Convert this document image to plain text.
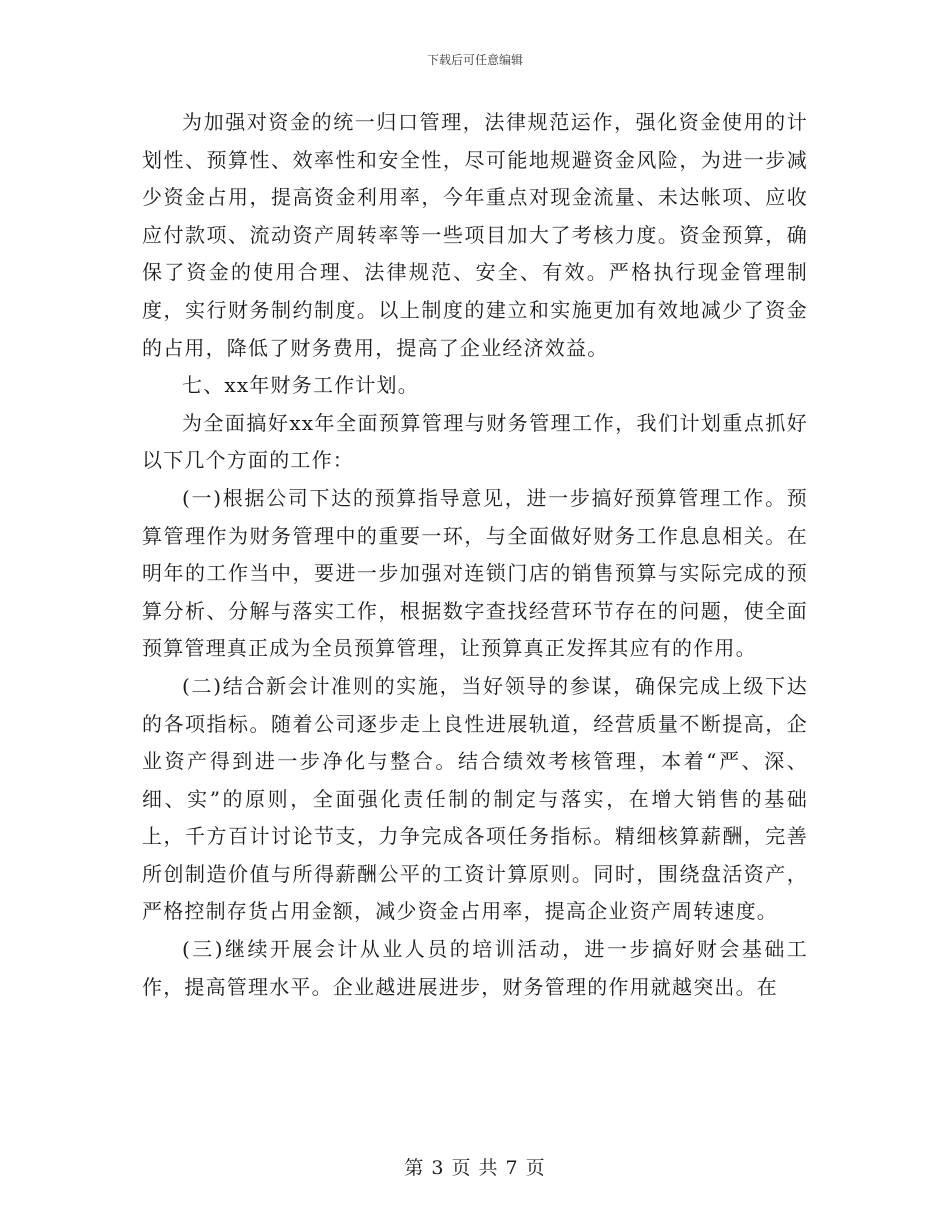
下载后可任意编辑

为加强对资金的统一归口管理，法律规范运作，强化资金使用的计划性、预算性、效率性和安全性，尽可能地规避资金风险，为进一步减少资金占用，提高资金利用率，今年重点对现金流量、未达帐项、应收应付款项、流动资产周转率等一些项目加大了考核力度。资金预算，确保了资金的使用合理、法律规范、安全、有效。严格执行现金管理制度，实行财务制约制度。以上制度的建立和实施更加有效地减少了资金的占用，降低了财务费用，提高了企业经济效益。

七、xx年财务工作计划。

为全面搞好xx年全面预算管理与财务管理工作，我们计划重点抓好以下几个方面的工作：

(一)根据公司下达的预算指导意见，进一步搞好预算管理工作。预算管理作为财务管理中的重要一环，与全面做好财务工作息息相关。在明年的工作当中，要进一步加强对连锁门店的销售预算与实际完成的预算分析、分解与落实工作，根据数字查找经营环节存在的问题，使全面预算管理真正成为全员预算管理，让预算真正发挥其应有的作用。

(二)结合新会计准则的实施，当好领导的参谋，确保完成上级下达的各项指标。随着公司逐步走上良性进展轨道，经营质量不断提高，企业资产得到进一步净化与整合。结合绩效考核管理，本着“严、深、细、实”的原则，全面强化责任制的制定与落实，在增大销售的基础上，千方百计讨论节支，力争完成各项任务指标。精细核算薪酬，完善所创制造价值与所得薪酬公平的工资计算原则。同时，围绕盘活资产，严格控制存货占用金额，减少资金占用率，提高企业资产周转速度。

(三)继续开展会计从业人员的培训活动，进一步搞好财会基础工作，提高管理水平。企业越进展进步，财务管理的作用就越突出。在

第 3 页 共 7 页
